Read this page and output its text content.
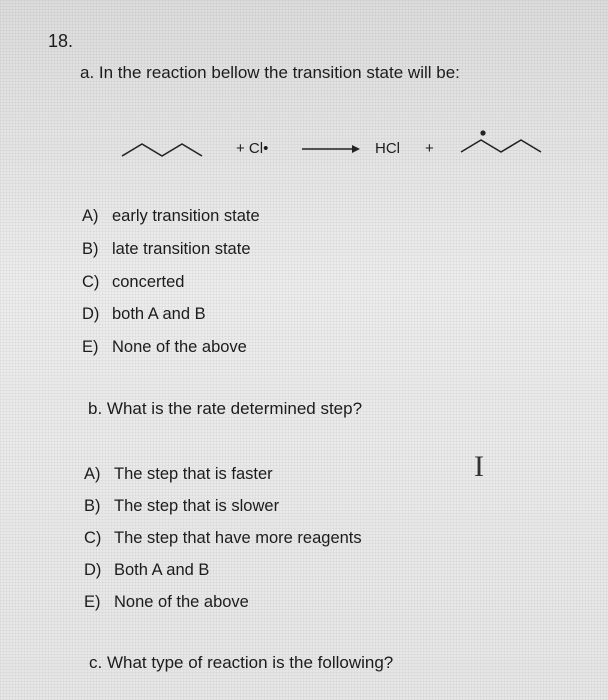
18.
a. In the reaction bellow the transition state will be:
+ Cl• → HCl +
A) early transition state
B) late transition state
C) concerted
D) both A and B
E) None of the above
b. What is the rate determined step?
A) The step that is faster
B) The step that is slower
C) The step that have more reagents
D) Both A and B
E) None of the above
c. What type of reaction is the following?
I
